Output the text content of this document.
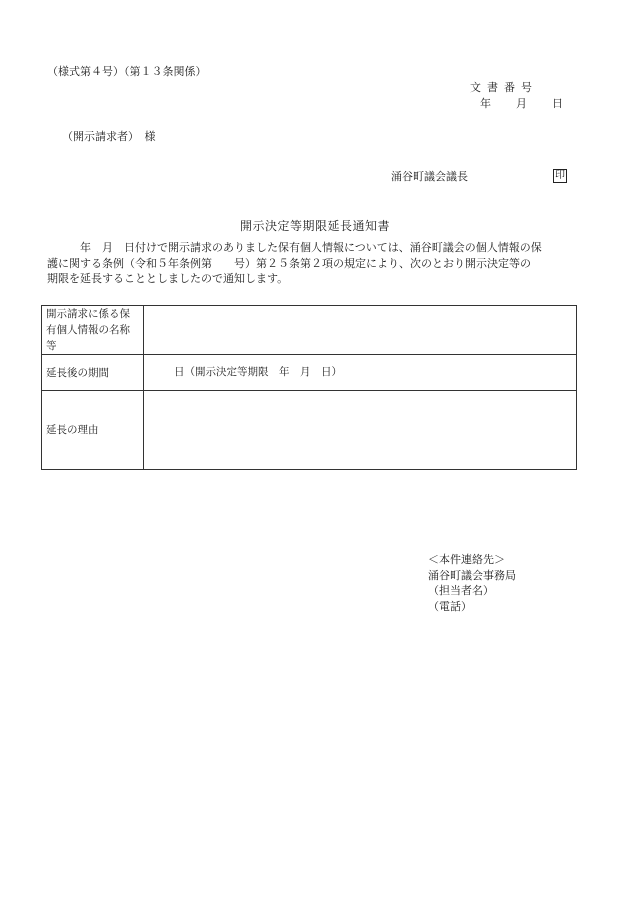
（様式第４号）（第１３条関係）
文書番号
年 月 日
（開示請求者）　様
涌谷町議会議長	印
開示決定等期限延長通知書
　　　年　月　日付けで開示請求のありました保有個人情報については、涌谷町議会の個人情報の保
護に関する条例（令和５年条例第　　号）第２５条第２項の規定により、次のとおり開示決定等の
期限を延長することとしましたので通知します。
開示請求に係る保有個人情報の名称等	
延長後の期間	日（開示決定等期限　年　月　日）
延長の理由	
＜本件連絡先＞
涌谷町議会事務局
（担当者名）
（電話）
